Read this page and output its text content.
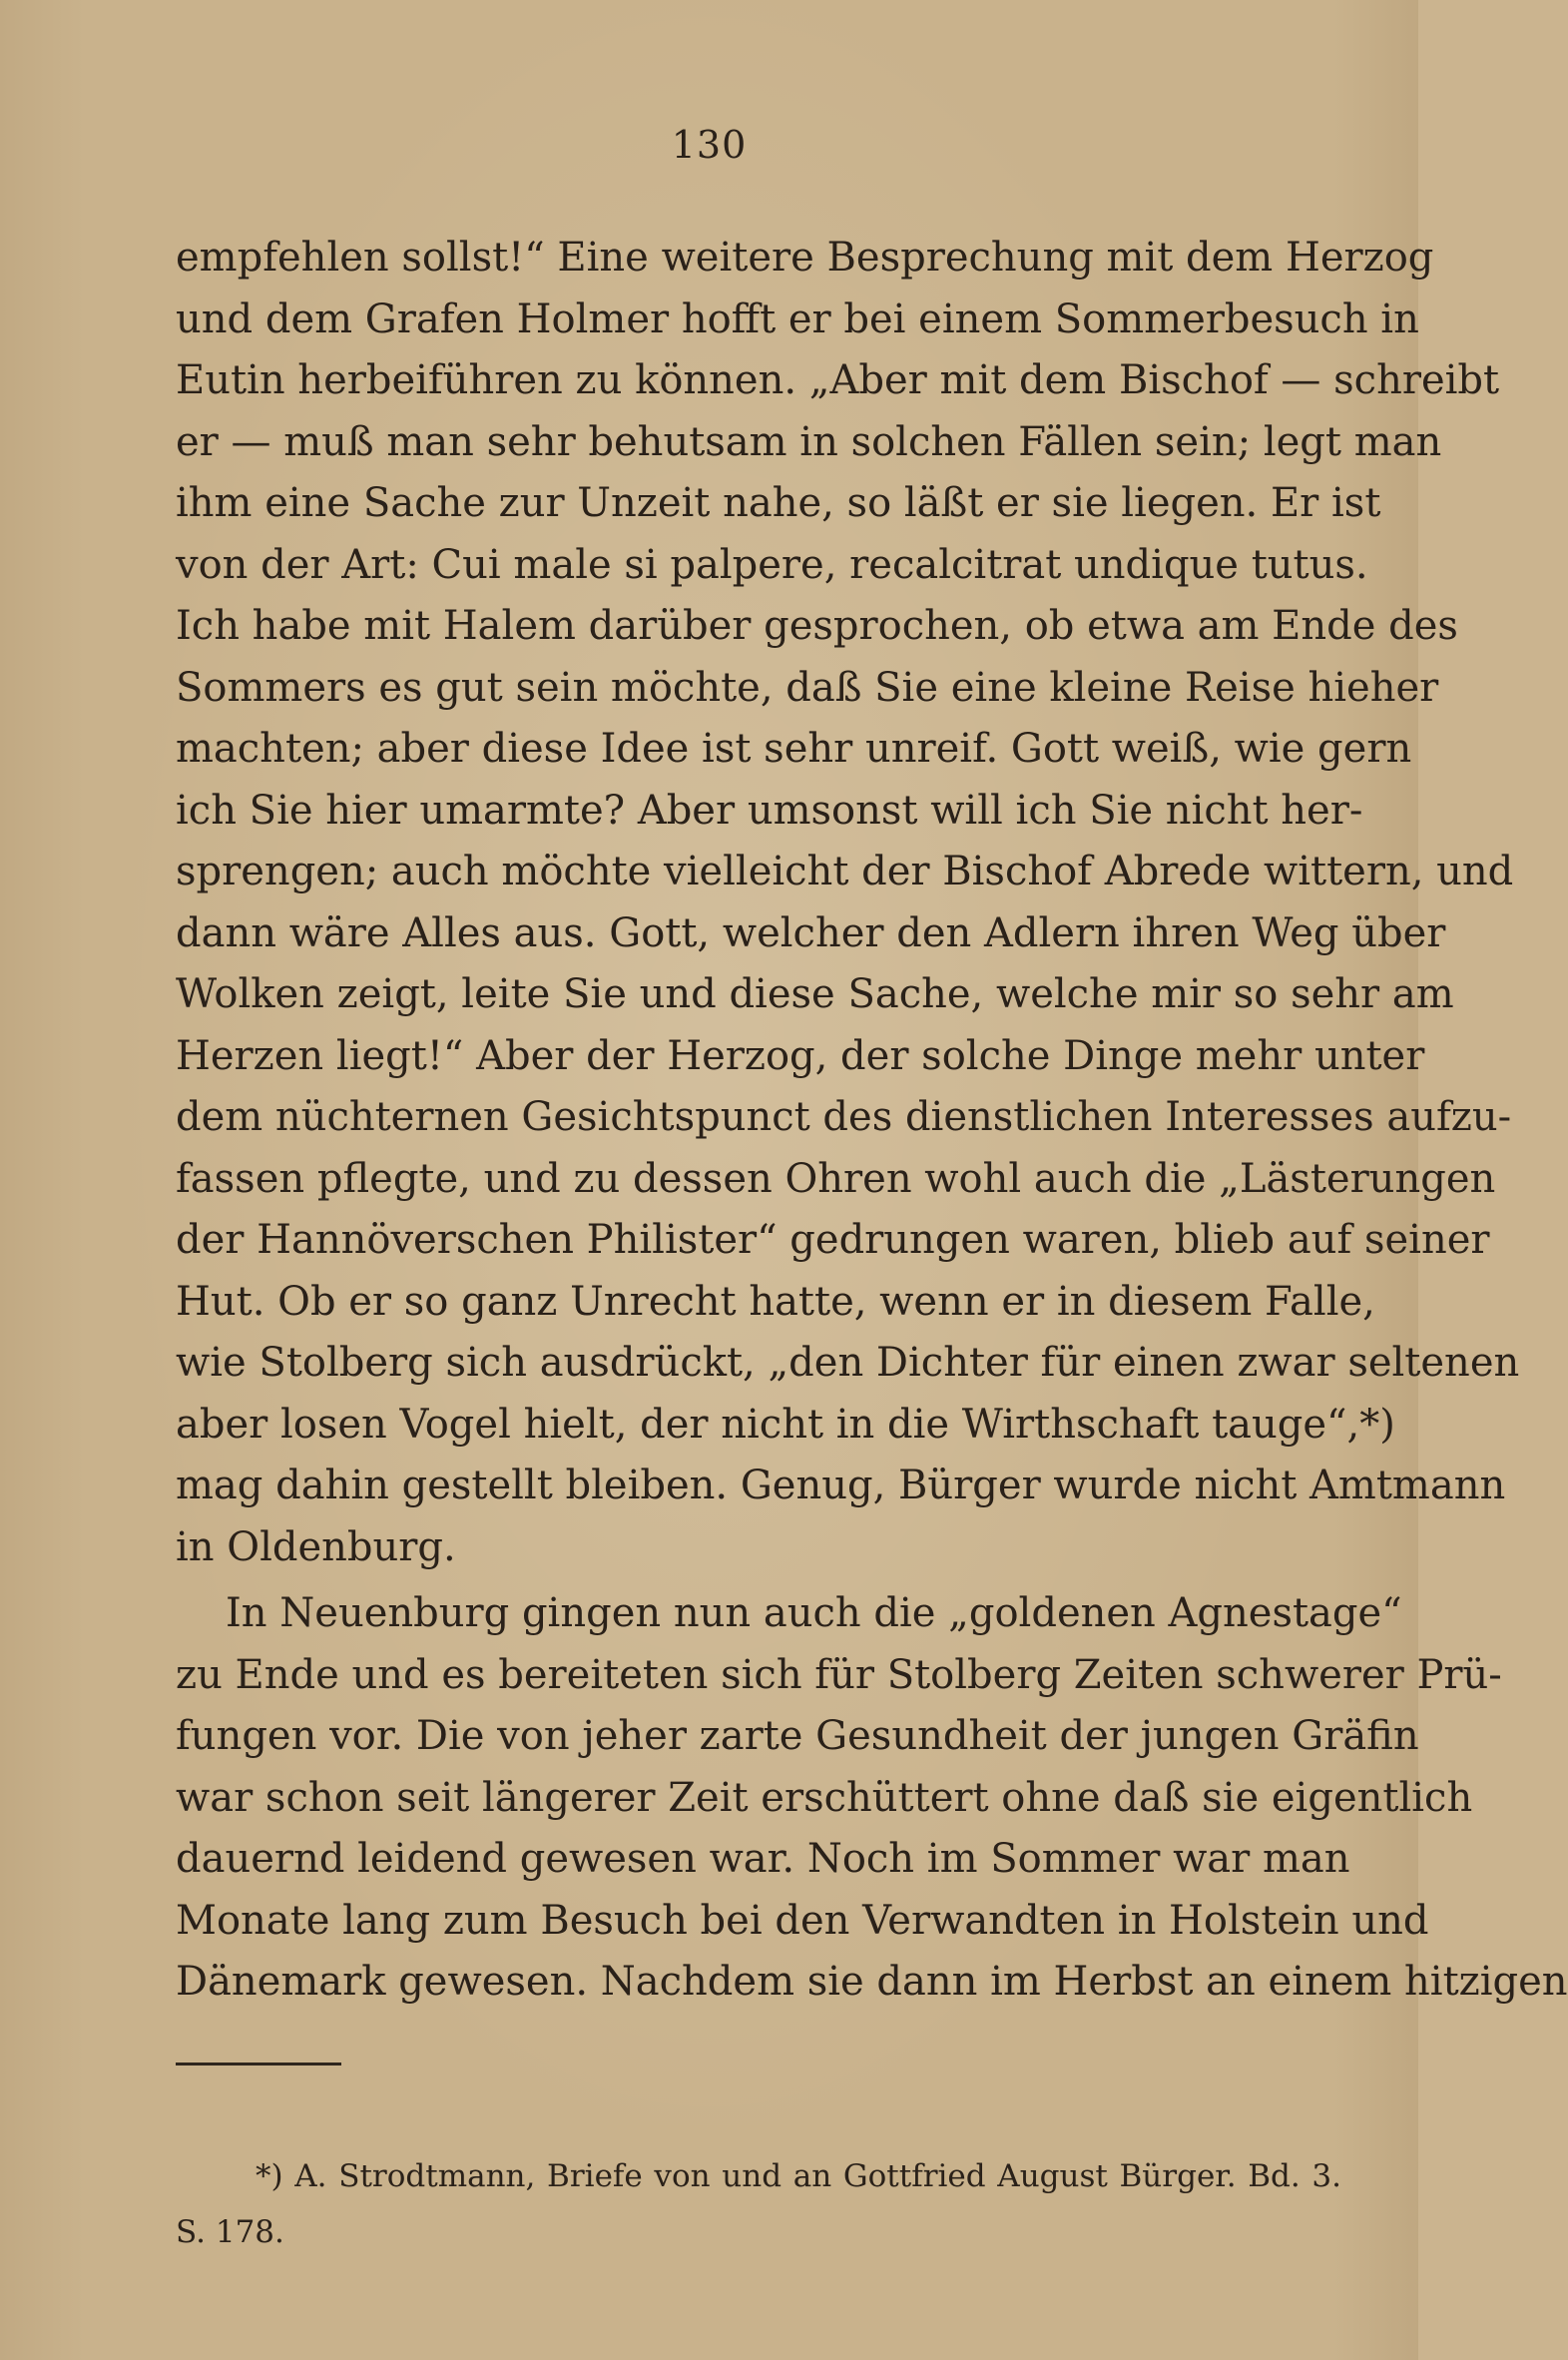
130
empfehlen sollst!“ Eine weitere Besprechung mit dem Herzog
und dem Grafen Holmer hofft er bei einem Sommerbesuch in
Eutin herbeiführen zu können. „Aber mit dem Bischof — schreibt
er — muß man sehr behutsam in solchen Fällen sein; legt man
ihm eine Sache zur Unzeit nahe, so läßt er sie liegen. Er ist
von der Art: Cui male si palpere, recalcitrat undique tutus.
Ich habe mit Halem darüber gesprochen, ob etwa am Ende des
Sommers es gut sein möchte, daß Sie eine kleine Reise hieher
machten; aber diese Idee ist sehr unreif. Gott weiß, wie gern
ich Sie hier umarmte? Aber umsonst will ich Sie nicht her-
sprengen; auch möchte vielleicht der Bischof Abrede wittern, und
dann wäre Alles aus. Gott, welcher den Adlern ihren Weg über
Wolken zeigt, leite Sie und diese Sache, welche mir so sehr am
Herzen liegt!“ Aber der Herzog, der solche Dinge mehr unter
dem nüchternen Gesichtspunct des dienstlichen Interesses aufzu-
fassen pflegte, und zu dessen Ohren wohl auch die „Lästerungen
der Hannöverschen Philister“ gedrungen waren, blieb auf seiner
Hut. Ob er so ganz Unrecht hatte, wenn er in diesem Falle,
wie Stolberg sich ausdrückt, „den Dichter für einen zwar seltenen
aber losen Vogel hielt, der nicht in die Wirthschaft tauge“,*)
mag dahin gestellt bleiben. Genug, Bürger wurde nicht Amtmann
in Oldenburg.
In Neuenburg gingen nun auch die „goldenen Agnestage“
zu Ende und es bereiteten sich für Stolberg Zeiten schwerer Prü-
fungen vor. Die von jeher zarte Gesundheit der jungen Gräfin
war schon seit längerer Zeit erschüttert ohne daß sie eigentlich
dauernd leidend gewesen war. Noch im Sommer war man
Monate lang zum Besuch bei den Verwandten in Holstein und
Dänemark gewesen. Nachdem sie dann im Herbst an einem hitzigen
*) A. Strodtmann, Briefe von und an Gottfried August Bürger. Bd. 3.
S. 178.
